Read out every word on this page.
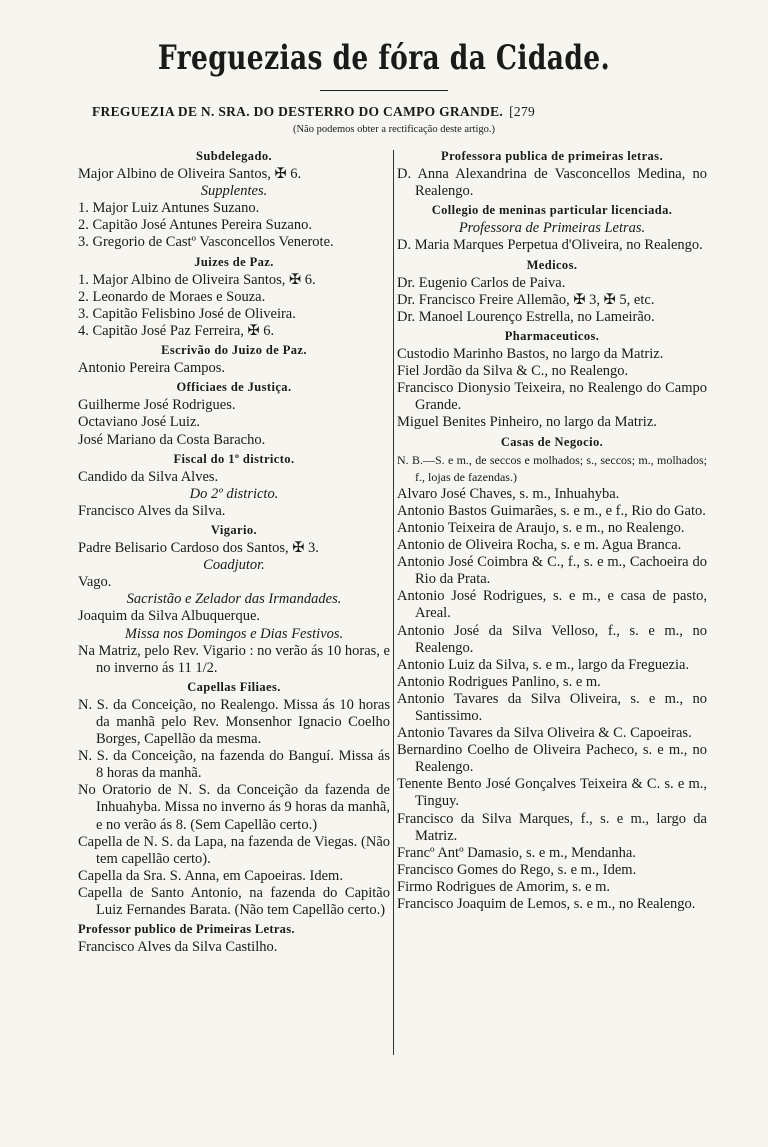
Freguezias de fóra da Cidade.
FREGUEZIA DE N. SRA. DO DESTERRO DO CAMPO GRANDE. [279
(Não podemos obter a rectificação deste artigo.)
Subdelegado.
Major Albino de Oliveira Santos, ✠ 6.
Supplentes.
1. Major Luiz Antunes Suzano.
2. Capitão José Antunes Pereira Suzano.
3. Gregorio de Castº Vasconcellos Venerote.
Juizes de Paz.
1. Major Albino de Oliveira Santos, ✠ 6.
2. Leonardo de Moraes e Souza.
3. Capitão Felisbino José de Oliveira.
4. Capitão José Paz Ferreira, ✠ 6.
Escrivão do Juizo de Paz.
Antonio Pereira Campos.
Officiaes de Justiça.
Guilherme José Rodrigues.
Octaviano José Luiz.
José Mariano da Costa Baracho.
Fiscal do 1º districto.
Candido da Silva Alves.
Do 2º districto.
Francisco Alves da Silva.
Vigario.
Padre Belisario Cardoso dos Santos, ✠ 3.
Coadjutor.
Vago.
Sacristão e Zelador das Irmandades.
Joaquim da Silva Albuquerque.
Missa nos Domingos e Dias Festivos.
Na Matriz, pelo Rev. Vigario : no verão ás 10 horas, e no inverno ás 11 1/2.
Capellas Filiaes.
N. S. da Conceição, no Realengo. Missa ás 10 horas da manhã pelo Rev. Monsenhor Ignacio Coelho Borges, Capellão da mesma.
N. S. da Conceição, na fazenda do Banguí. Missa ás 8 horas da manhã.
No Oratorio de N. S. da Conceição da fazenda de Inhuahyba. Missa no inverno ás 9 horas da manhã, e no verão ás 8. (Sem Capellão certo.)
Capella de N. S. da Lapa, na fazenda de Viegas. (Não tem capellão certo).
Capella da Sra. S. Anna, em Capoeiras. Idem.
Capella de Santo Antonio, na fazenda do Capitão Luiz Fernandes Barata. (Não tem Capellão certo.)
Professor publico de Primeiras Letras.
Francisco Alves da Silva Castilho.
Professora publica de primeiras letras.
D. Anna Alexandrina de Vasconcellos Medina, no Realengo.
Collegio de meninas particular licenciada.
Professora de Primeiras Letras.
D. Maria Marques Perpetua d'Oliveira, no Realengo.
Medicos.
Dr. Eugenio Carlos de Paiva.
Dr. Francisco Freire Allemão, ✠ 3, ✠ 5, etc.
Dr. Manoel Lourenço Estrella, no Lameirão.
Pharmaceuticos.
Custodio Marinho Bastos, no largo da Matriz.
Fiel Jordão da Silva & C., no Realengo.
Francisco Dionysio Teixeira, no Realengo do Campo Grande.
Miguel Benites Pinheiro, no largo da Matriz.
Casas de Negocio.
N. B.—S. e m., de seccos e molhados; s., seccos; m., molhados; f., lojas de fazendas.)
Alvaro José Chaves, s. m., Inhuahyba.
Antonio Bastos Guimarães, s. e m., e f., Rio do Gato.
Antonio Teixeira de Araujo, s. e m., no Realengo.
Antonio de Oliveira Rocha, s. e m. Agua Branca.
Antonio José Coimbra & C., f., s. e m., Cachoeira do Rio da Prata.
Antonio José Rodrigues, s. e m., e casa de pasto, Areal.
Antonio José da Silva Velloso, f., s. e m., no Realengo.
Antonio Luiz da Silva, s. e m., largo da Freguezia.
Antonio Rodrigues Panlino, s. e m.
Antonio Tavares da Silva Oliveira, s. e m., no Santissimo.
Antonio Tavares da Silva Oliveira & C. Capoeiras.
Bernardino Coelho de Oliveira Pacheco, s. e m., no Realengo.
Tenente Bento José Gonçalves Teixeira & C. s. e m., Tinguy.
Francisco da Silva Marques, f., s. e m., largo da Matriz.
Francº Antº Damasio, s. e m., Mendanha.
Francisco Gomes do Rego, s. e m., Idem.
Firmo Rodrigues de Amorim, s. e m.
Francisco Joaquim de Lemos, s. e m., no Realengo.
